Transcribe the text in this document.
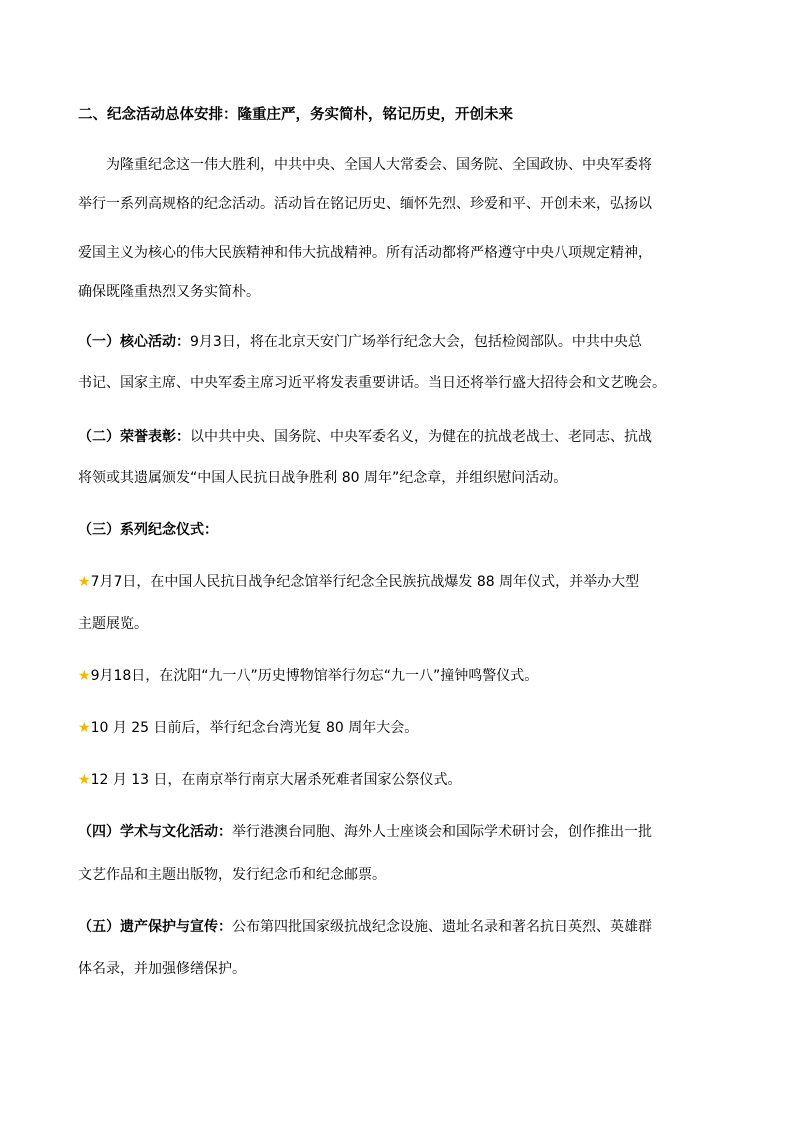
二、纪念活动总体安排：隆重庄严，务实简朴，铭记历史，开创未来
为隆重纪念这一伟大胜利，中共中央、全国人大常委会、国务院、全国政协、中央军委将
举行一系列高规格的纪念活动。活动旨在铭记历史、缅怀先烈、珍爱和平、开创未来，弘扬以
爱国主义为核心的伟大民族精神和伟大抗战精神。所有活动都将严格遵守中央八项规定精神，
确保既隆重热烈又务实简朴。
（一）核心活动：9月3日，将在北京天安门广场举行纪念大会，包括检阅部队。中共中央总
书记、国家主席、中央军委主席习近平将发表重要讲话。当日还将举行盛大招待会和文艺晚会。
（二）荣誉表彰：以中共中央、国务院、中央军委名义，为健在的抗战老战士、老同志、抗战
将领或其遗属颁发“中国人民抗日战争胜利 80 周年”纪念章，并组织慰问活动。
（三）系列纪念仪式：
★7月7日，在中国人民抗日战争纪念馆举行纪念全民族抗战爆发 88 周年仪式，并举办大型
主题展览。
★9月18日，在沈阳“九一八”历史博物馆举行勿忘“九一八”撞钟鸣警仪式。
★10 月 25 日前后，举行纪念台湾光复 80 周年大会。
★12 月 13 日，在南京举行南京大屠杀死难者国家公祭仪式。
（四）学术与文化活动：举行港澳台同胞、海外人士座谈会和国际学术研讨会，创作推出一批
文艺作品和主题出版物，发行纪念币和纪念邮票。
（五）遗产保护与宣传：公布第四批国家级抗战纪念设施、遗址名录和著名抗日英烈、英雄群
体名录，并加强修缮保护。
